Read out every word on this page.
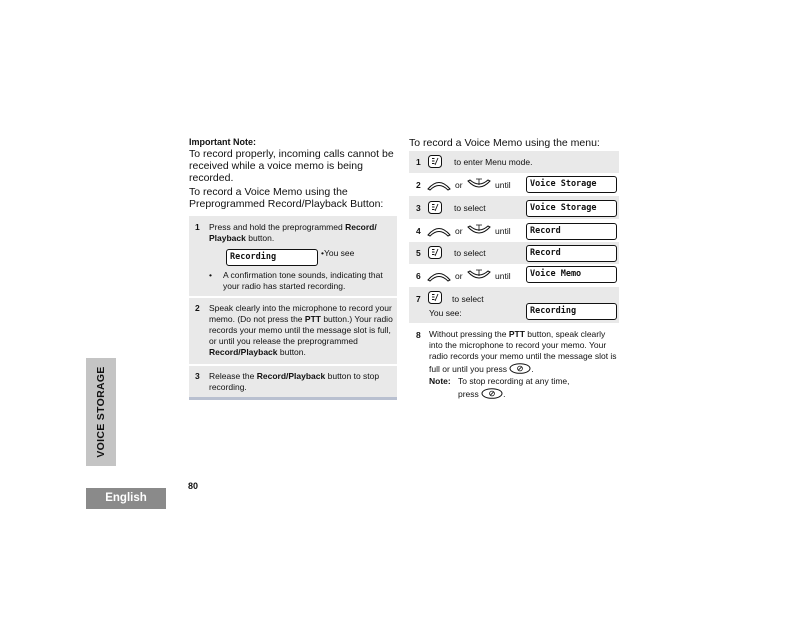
VOICE STORAGE
English
80
Important Note:
To record properly, incoming calls cannot be received while a voice memo is being recorded.
To record a Voice Memo using the Preprogrammed Record/Playback Button:
1 Press and hold the preprogrammed Record/
Playback button.
Recording	•You see
• A confirmation tone sounds, indicating that your radio has started recording.
2 Speak clearly into the microphone to record your memo. (Do not press the PTT button.) Your radio records your memo until the message slot is full, or until you release the preprogrammed Record/Playback button.
3 Release the Record/Playback button to stop recording.
To record a Voice Memo using the menu:
1	to enter Menu mode.
2	or	until	Voice Storage
3	to select	Voice Storage
4	or	until	Record
5	to select	Record
6	or	until	Voice Memo
7	to select
You see:	Recording
8 Without pressing the PTT button, speak clearly into the microphone to record your memo. Your radio records your memo until the message slot is full or until you press	.
Note: To stop recording at any time,
press	.
